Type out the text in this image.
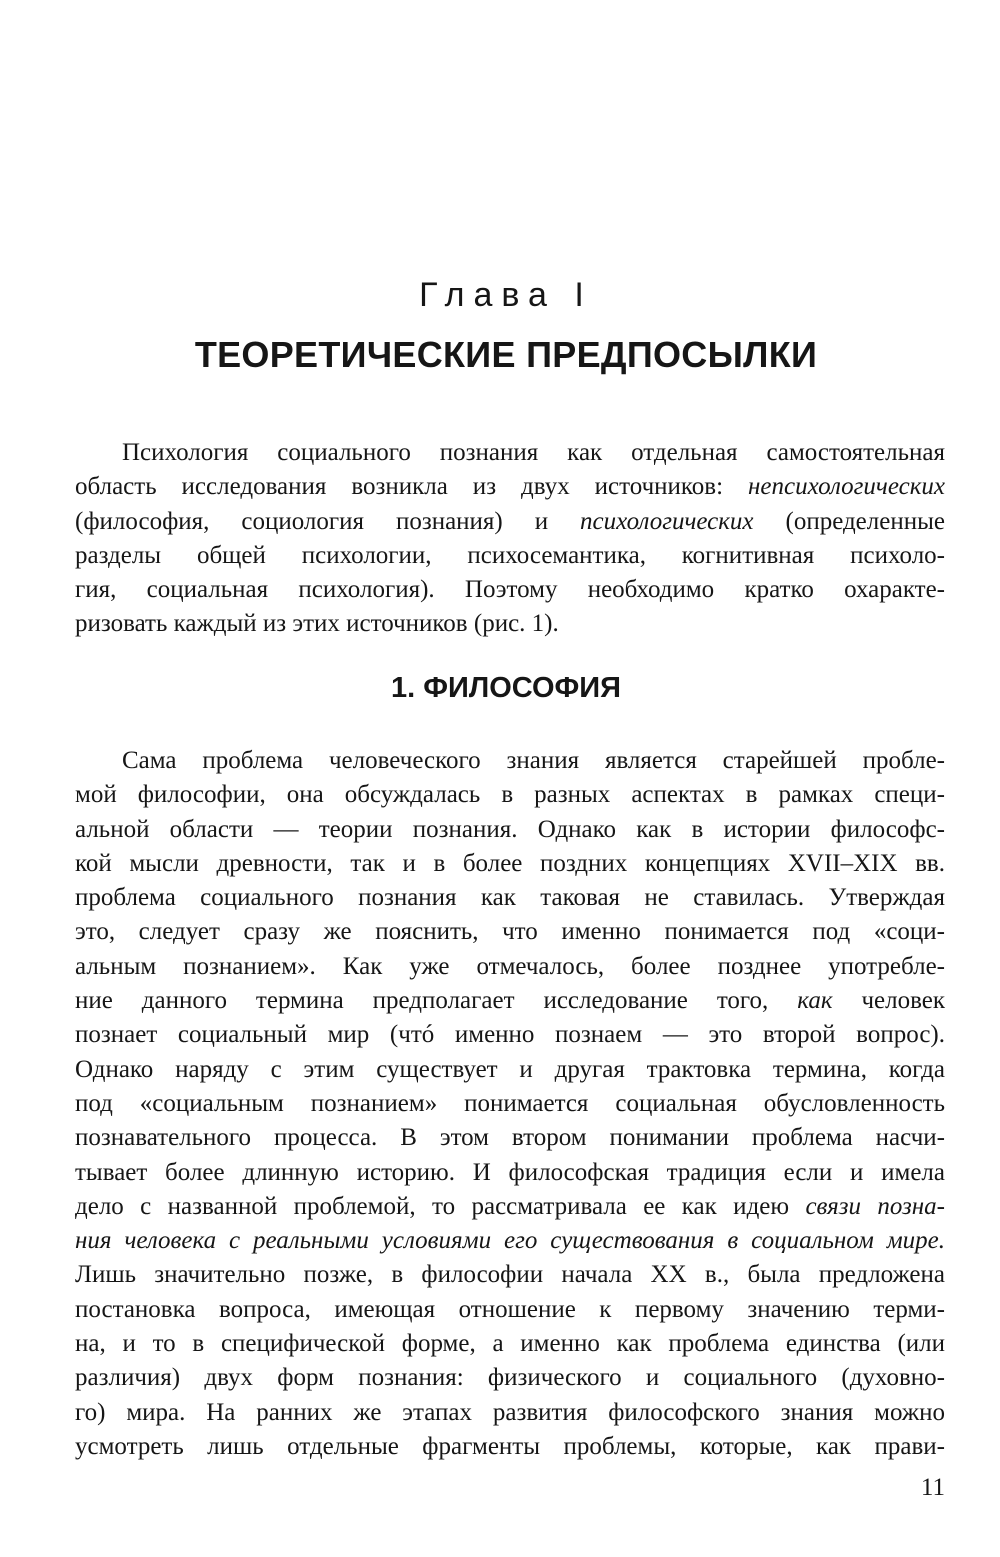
Глава I
ТЕОРЕТИЧЕСКИЕ ПРЕДПОСЫЛКИ
Психология социального познания как отдельная самостоятельная
область исследования возникла из двух источников: непсихологических
(философия, социология познания) и психологических (определенные
разделы общей психологии, психосемантика, когнитивная психоло-
гия, социальная психология). Поэтому необходимо кратко охаракте-
ризовать каждый из этих источников (рис. 1).
1. ФИЛОСОФИЯ
Сама проблема человеческого знания является старейшей пробле-
мой философии, она обсуждалась в разных аспектах в рамках специ-
альной области — теории познания. Однако как в истории философс-
кой мысли древности, так и в более поздних концепциях XVII–XIX вв.
проблема социального познания как таковая не ставилась. Утверждая
это, следует сразу же пояснить, что именно понимается под «соци-
альным познанием». Как уже отмечалось, более позднее употребле-
ние данного термина предполагает исследование того, как человек
познает социальный мир (чтó именно познаем — это второй вопрос).
Однако наряду с этим существует и другая трактовка термина, когда
под «социальным познанием» понимается социальная обусловленность
познавательного процесса. В этом втором понимании проблема насчи-
тывает более длинную историю. И философская традиция если и имела
дело с названной проблемой, то рассматривала ее как идею связи позна-
ния человека с реальными условиями его существования в социальном мире.
Лишь значительно позже, в философии начала XX в., была предложена
постановка вопроса, имеющая отношение к первому значению терми-
на, и то в специфической форме, а именно как проблема единства (или
различия) двух форм познания: физического и социального (духовно-
го) мира. На ранних же этапах развития философского знания можно
усмотреть лишь отдельные фрагменты проблемы, которые, как прави-

11
